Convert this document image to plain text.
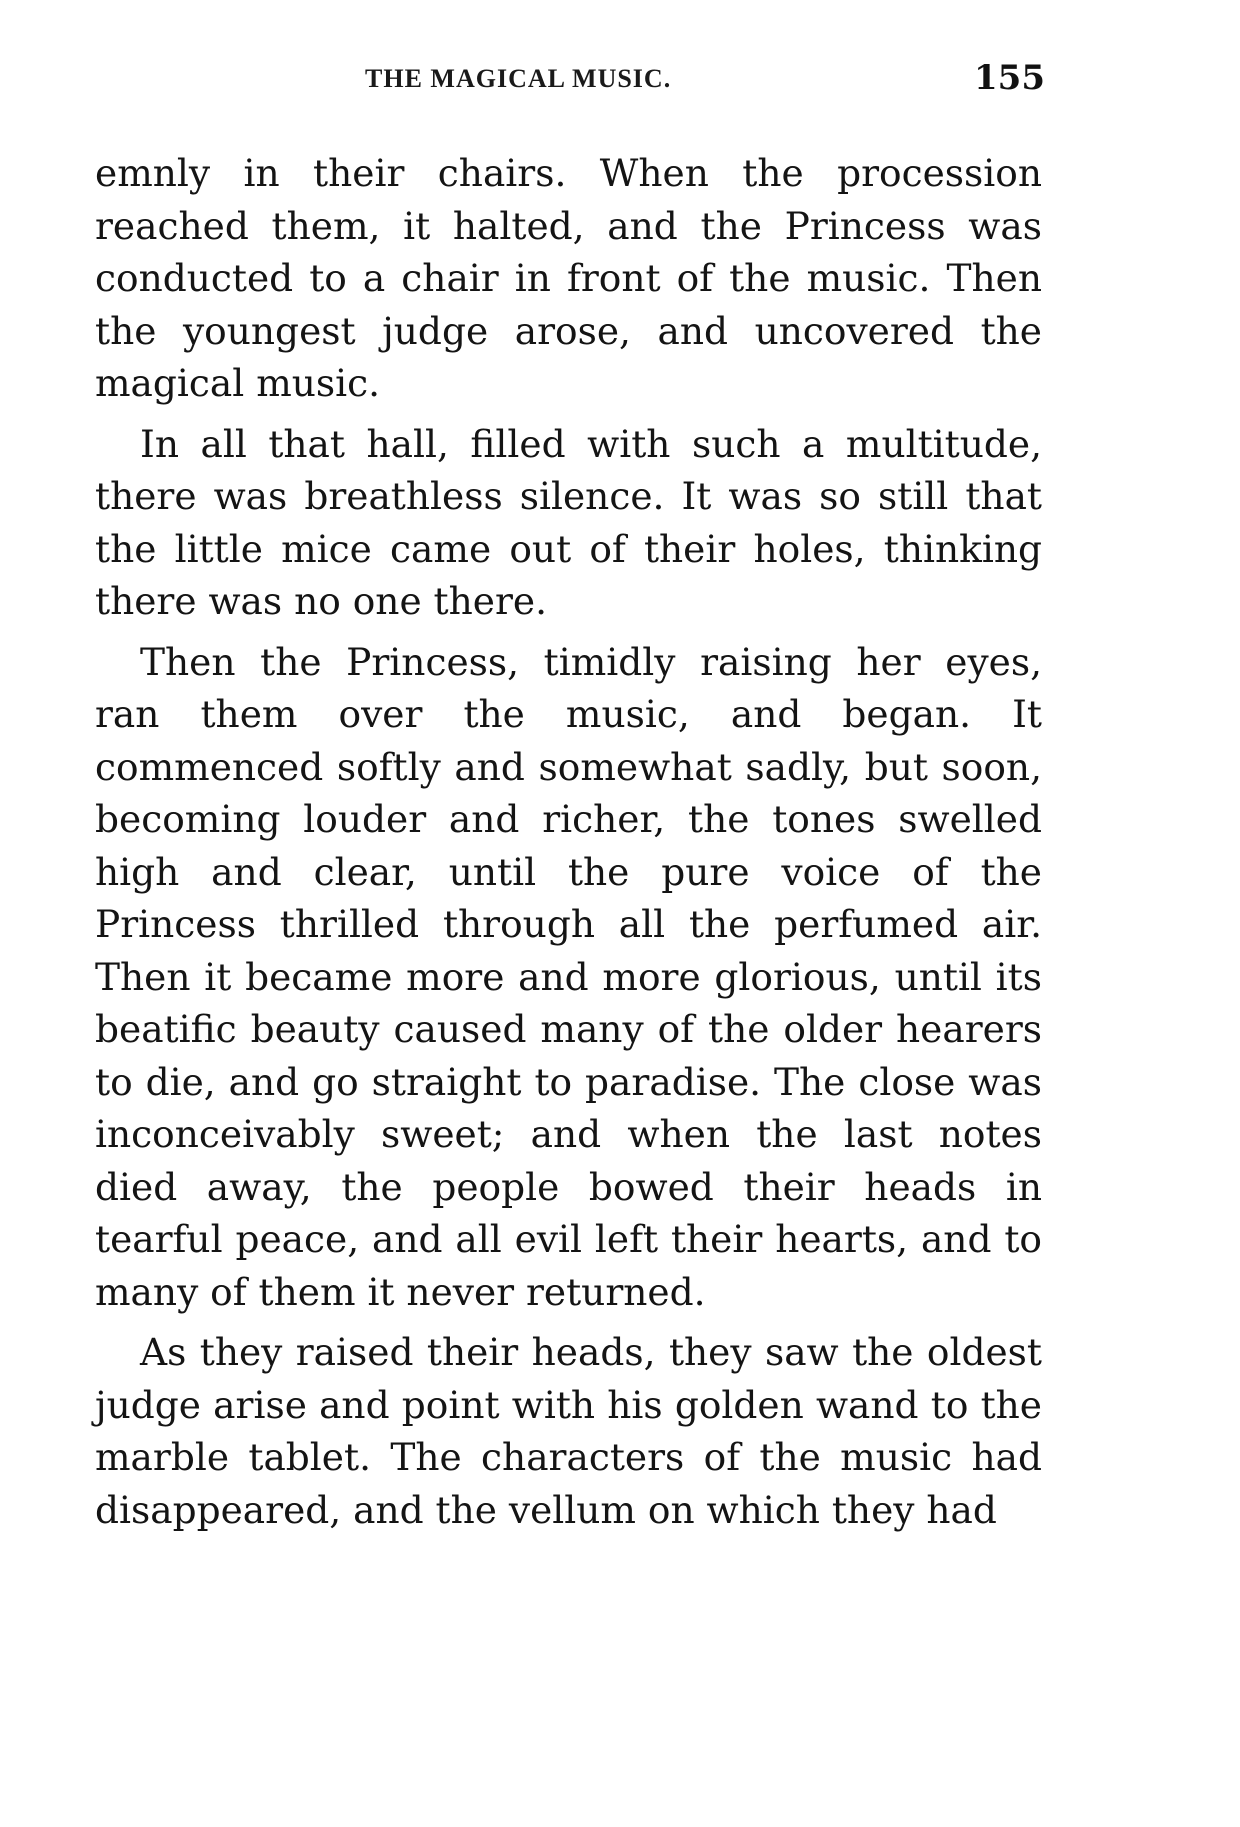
THE MAGICAL MUSIC.	155

emnly in their chairs. When the procession reached them, it halted, and the Princess was conducted to a chair in front of the music. Then the youngest judge arose, and uncovered the magical music.

In all that hall, filled with such a multitude, there was breathless silence. It was so still that the little mice came out of their holes, thinking there was no one there.

Then the Princess, timidly raising her eyes, ran them over the music, and began. It commenced softly and somewhat sadly, but soon, becoming louder and richer, the tones swelled high and clear, until the pure voice of the Princess thrilled through all the perfumed air. Then it became more and more glorious, until its beatific beauty caused many of the older hearers to die, and go straight to paradise. The close was inconceivably sweet; and when the last notes died away, the people bowed their heads in tearful peace, and all evil left their hearts, and to many of them it never returned.

As they raised their heads, they saw the oldest judge arise and point with his golden wand to the marble tablet. The characters of the music had disappeared, and the vellum on which they had
